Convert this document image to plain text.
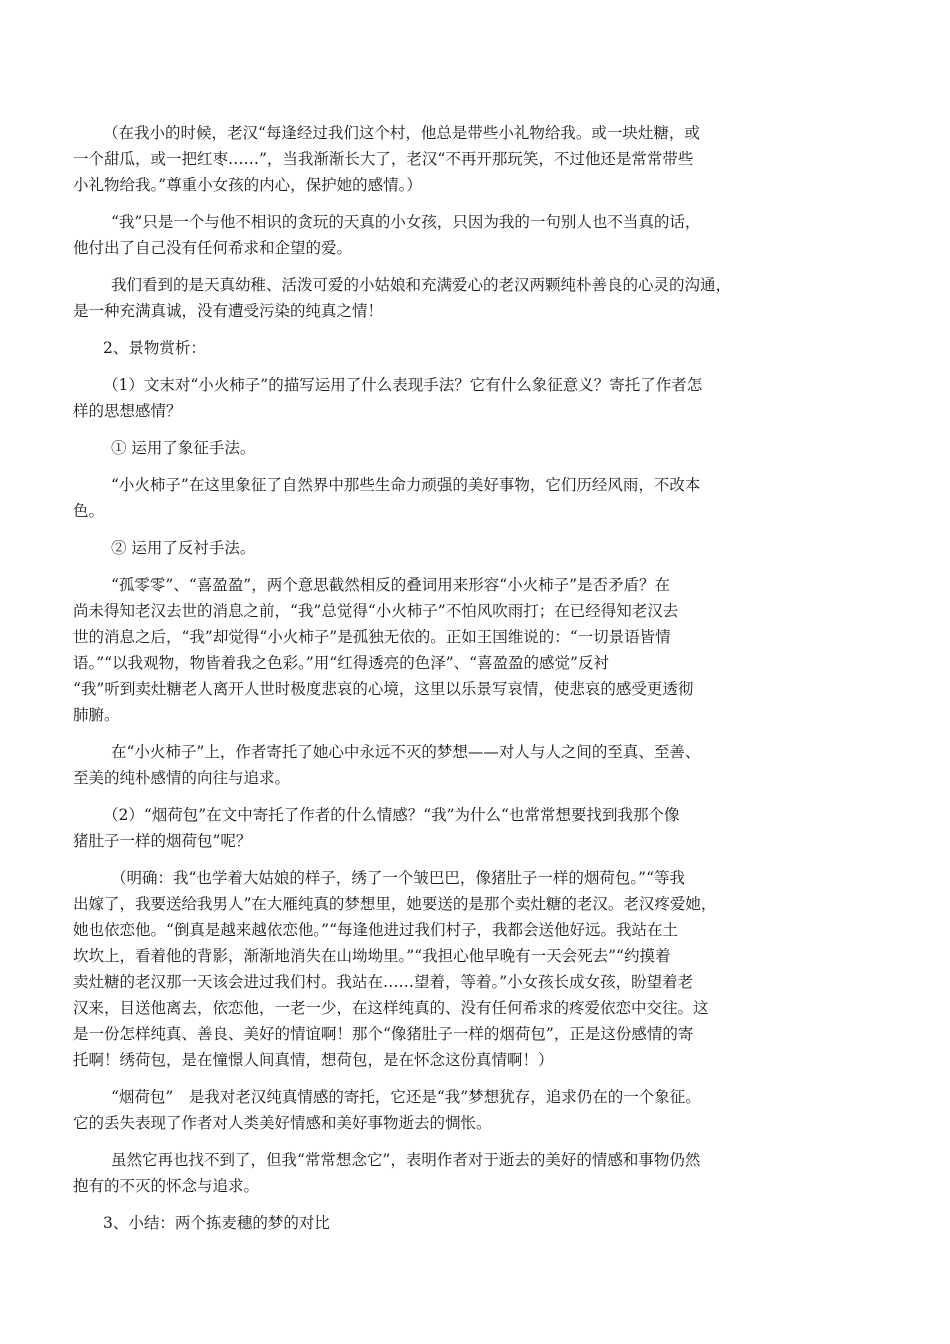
（在我小的时候，老汉“每逢经过我们这个村，他总是带些小礼物给我。或一块灶糖，或
一个甜瓜，或一把红枣……”，当我渐渐长大了，老汉“不再开那玩笑，不过他还是常常带些
小礼物给我。”尊重小女孩的内心，保护她的感情。）

“我”只是一个与他不相识的贪玩的天真的小女孩，只因为我的一句别人也不当真的话，
他付出了自己没有任何希求和企望的爱。

我们看到的是天真幼稚、活泼可爱的小姑娘和充满爱心的老汉两颗纯朴善良的心灵的沟通，
是一种充满真诚，没有遭受污染的纯真之情！

2、景物赏析：

（1）文末对“小火柿子”的描写运用了什么表现手法？它有什么象征意义？寄托了作者怎
样的思想感情？

① 运用了象征手法。

“小火柿子”在这里象征了自然界中那些生命力顽强的美好事物，它们历经风雨，不改本
色。

② 运用了反衬手法。

“孤零零”、“喜盈盈”，两个意思截然相反的叠词用来形容“小火柿子”是否矛盾？在
尚未得知老汉去世的消息之前，“我”总觉得“小火柿子”不怕风吹雨打；在已经得知老汉去
世的消息之后，“我”却觉得“小火柿子”是孤独无依的。正如王国维说的：“一切景语皆情
语。”“以我观物，物皆着我之色彩。”用“红得透亮的色泽”、“喜盈盈的感觉”反衬
“我”听到卖灶糖老人离开人世时极度悲哀的心境，这里以乐景写哀情，使悲哀的感受更透彻
肺腑。

在“小火柿子”上，作者寄托了她心中永远不灭的梦想——对人与人之间的至真、至善、
至美的纯朴感情的向往与追求。

（2）“烟荷包”在文中寄托了作者的什么情感？“我”为什么“也常常想要找到我那个像
猪肚子一样的烟荷包”呢？

（明确：我“也学着大姑娘的样子，绣了一个皱巴巴，像猪肚子一样的烟荷包。”“等我
出嫁了，我要送给我男人”在大雁纯真的梦想里，她要送的是那个卖灶糖的老汉。老汉疼爱她，
她也依恋他。“倒真是越来越依恋他。”“每逢他进过我们村子，我都会送他好远。我站在土
坎坎上，看着他的背影，渐渐地消失在山坳坳里。”“我担心他早晚有一天会死去”“约摸着
卖灶糖的老汉那一天该会进过我们村。我站在……望着，等着。”小女孩长成女孩，盼望着老
汉来，目送他离去，依恋他，一老一少，在这样纯真的、没有任何希求的疼爱依恋中交往。这
是一份怎样纯真、善良、美好的情谊啊！那个“像猪肚子一样的烟荷包”，正是这份感情的寄
托啊！绣荷包，是在憧憬人间真情，想荷包，是在怀念这份真情啊！）

“烟荷包”　是我对老汉纯真情感的寄托，它还是“我”梦想犹存，追求仍在的一个象征。
它的丢失表现了作者对人类美好情感和美好事物逝去的惆怅。

虽然它再也找不到了，但我“常常想念它”，表明作者对于逝去的美好的情感和事物仍然
抱有的不灭的怀念与追求。

3、小结：两个拣麦穗的梦的对比
